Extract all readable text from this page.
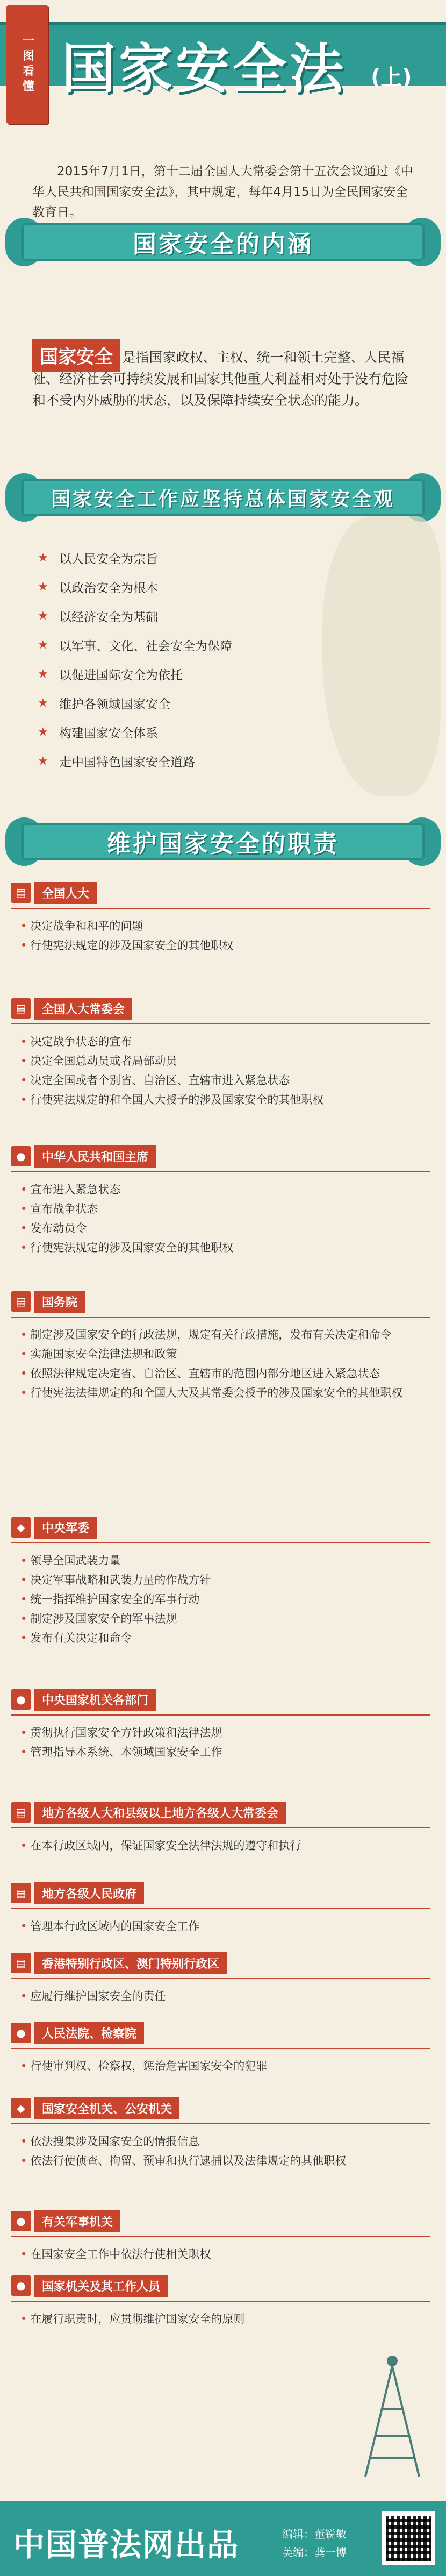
一图看懂 国家安全法 (上)
2015年7月1日，第十二届全国人大常委会第十五次会议通过《中华人民共和国国家安全法》，其中规定，每年4月15日为全民国家安全教育日。
国家安全的内涵
国家安全 是指国家政权、主权、统一和领土完整、人民福祉、经济社会可持续发展和国家其他重大利益相对处于没有危险和不受内外威胁的状态，以及保障持续安全状态的能力。
国家安全工作应坚持总体国家安全观
★ 以人民安全为宗旨
★ 以政治安全为根本
★ 以经济安全为基础
★ 以军事、文化、社会安全为保障
★ 以促进国际安全为依托
★ 维护各领域国家安全
★ 构建国家安全体系
★ 走中国特色国家安全道路
维护国家安全的职责
▤	全国人大
• 决定战争和和平的问题
• 行使宪法规定的涉及国家安全的其他职权
▤	全国人大常委会
• 决定战争状态的宣布
• 决定全国总动员或者局部动员
• 决定全国或者个别省、自治区、直辖市进入紧急状态
• 行使宪法规定的和全国人大授予的涉及国家安全的其他职权
●	中华人民共和国主席
• 宣布进入紧急状态
• 宣布战争状态
• 发布动员令
• 行使宪法规定的涉及国家安全的其他职权
▤	国务院
• 制定涉及国家安全的行政法规，规定有关行政措施，发布有关决定和命令
• 实施国家安全法律法规和政策
• 依照法律规定决定省、自治区、直辖市的范围内部分地区进入紧急状态
• 行使宪法法律规定的和全国人大及其常委会授予的涉及国家安全的其他职权
◆	中央军委
• 领导全国武装力量
• 决定军事战略和武装力量的作战方针
• 统一指挥维护国家安全的军事行动
• 制定涉及国家安全的军事法规
• 发布有关决定和命令
●	中央国家机关各部门
• 贯彻执行国家安全方针政策和法律法规
• 管理指导本系统、本领域国家安全工作
▤	地方各级人大和县级以上地方各级人大常委会
• 在本行政区域内，保证国家安全法律法规的遵守和执行
▤	地方各级人民政府
• 管理本行政区域内的国家安全工作
▤	香港特别行政区、澳门特别行政区
• 应履行维护国家安全的责任
●	人民法院、检察院
• 行使审判权、检察权，惩治危害国家安全的犯罪
◆	国家安全机关、公安机关
• 依法搜集涉及国家安全的情报信息
• 依法行使侦查、拘留、预审和执行逮捕以及法律规定的其他职权
●	有关军事机关
• 在国家安全工作中依法行使相关职权
●	国家机关及其工作人员
• 在履行职责时，应贯彻维护国家安全的原则
中国普法网出品	编辑：董锐敏
美编：龚一博
